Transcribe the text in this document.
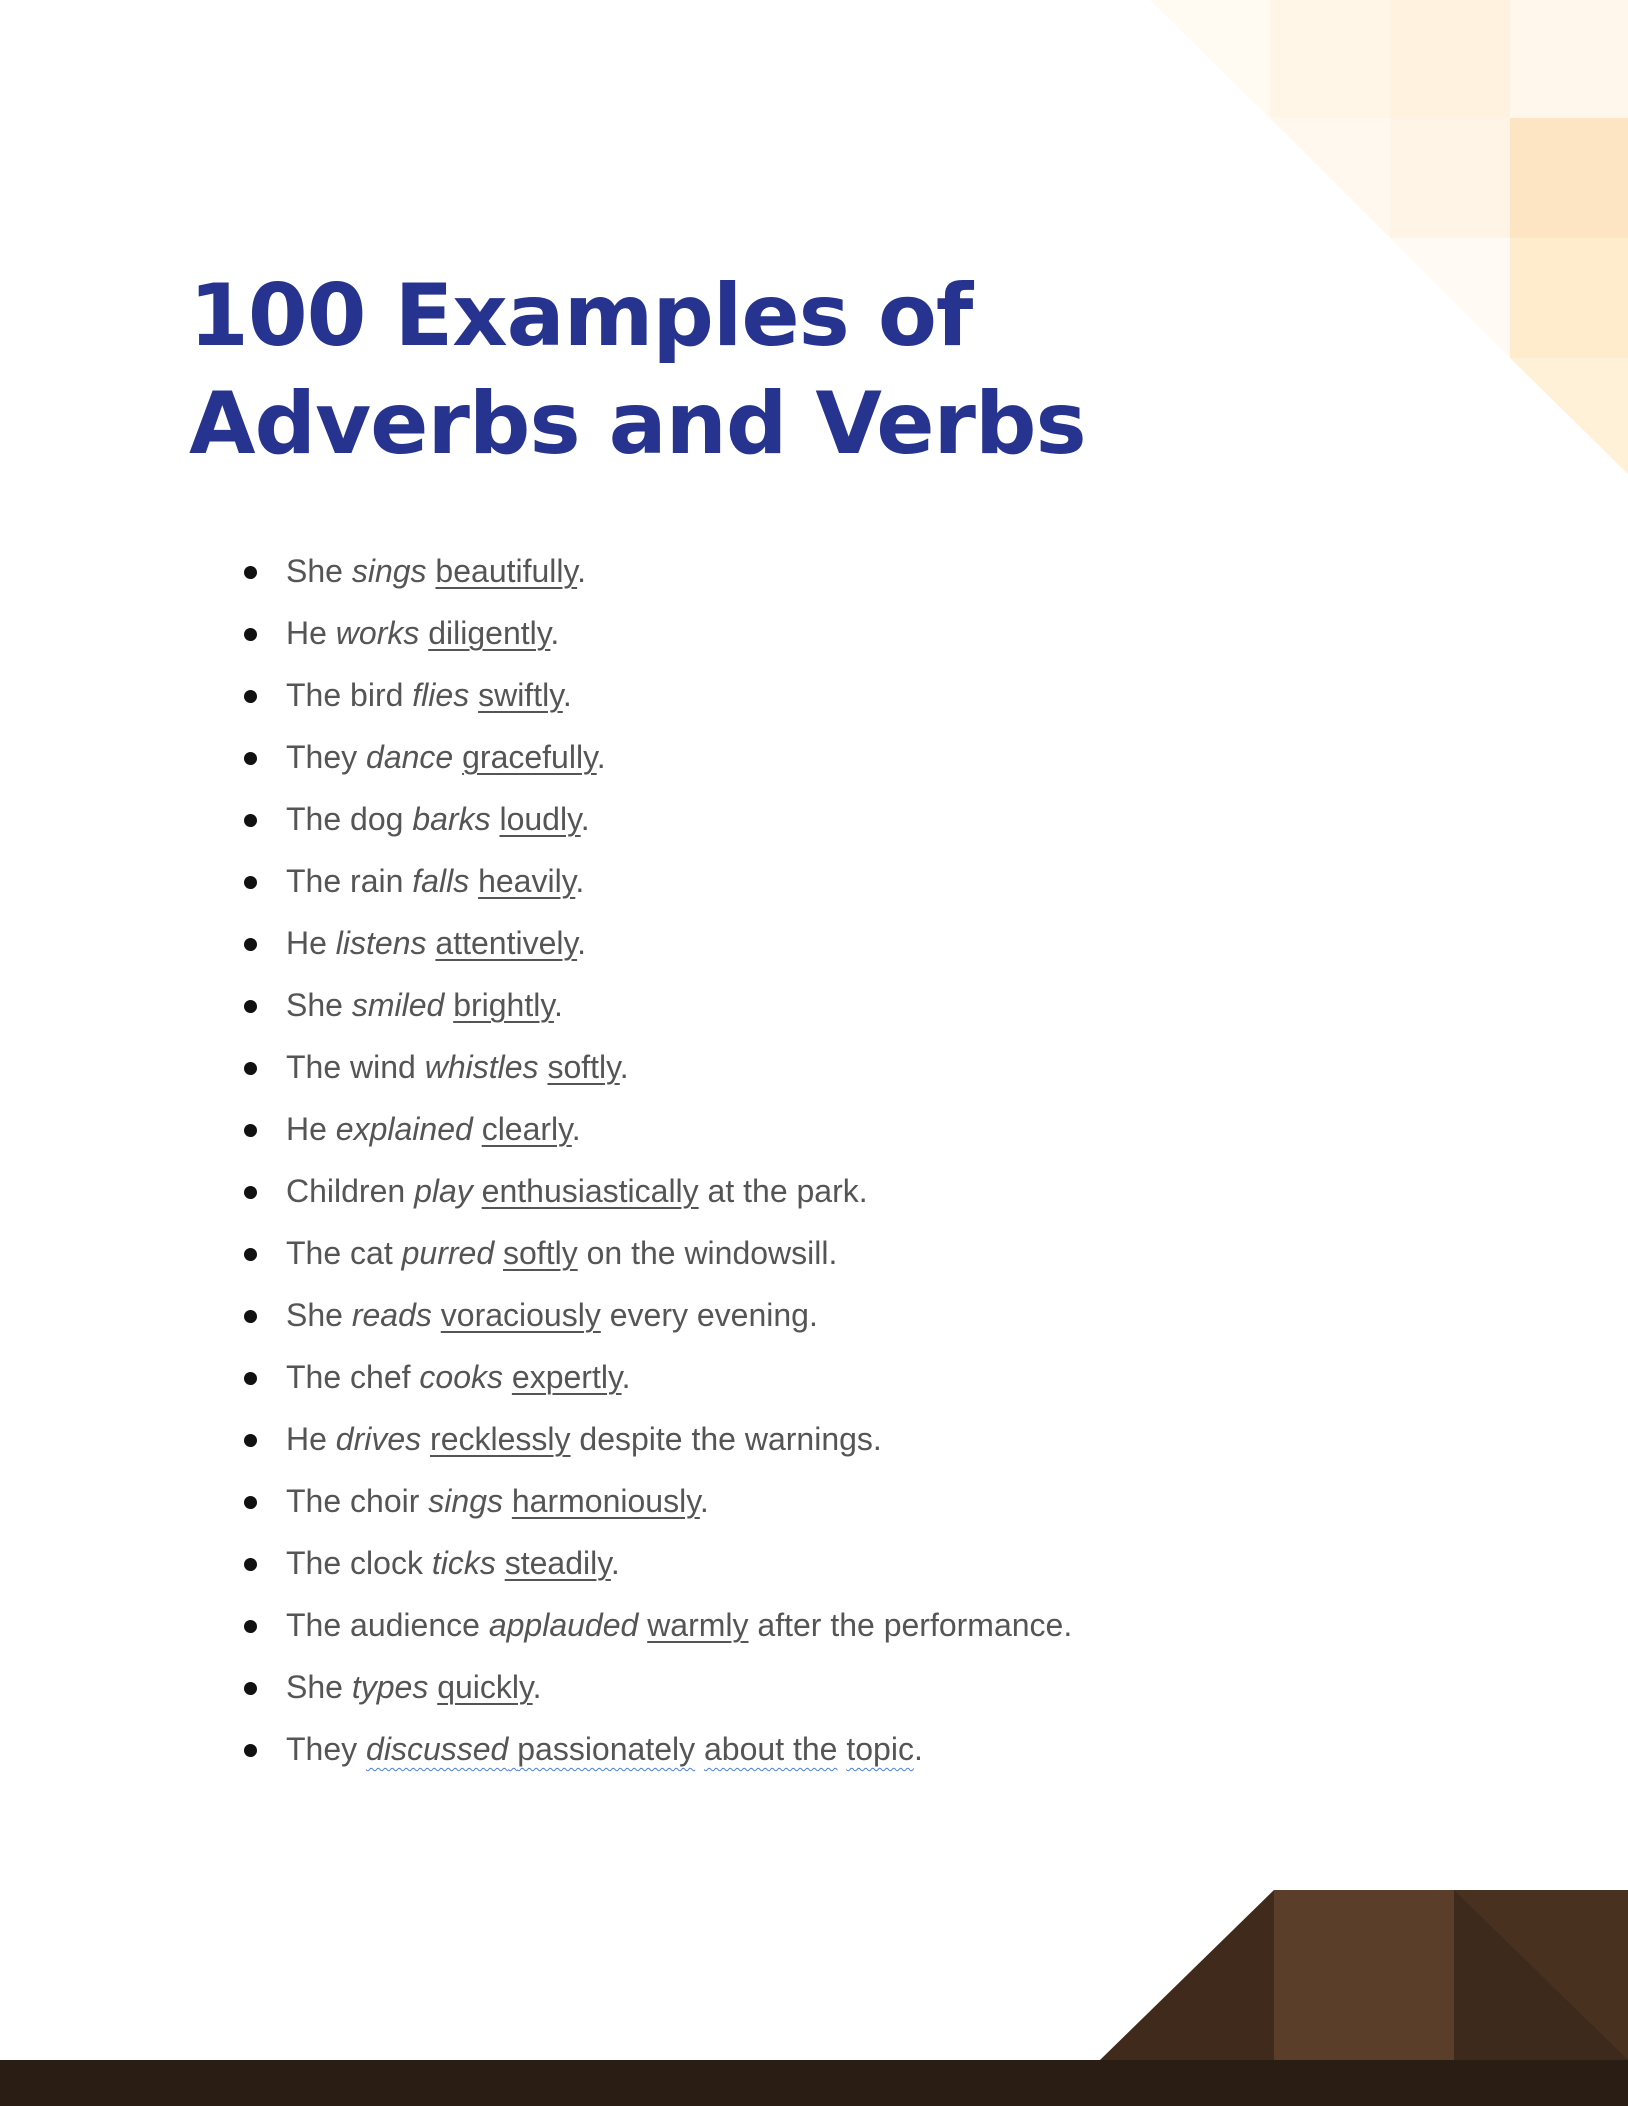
100 Examples of
Adverbs and Verbs
She sings beautifully.
He works diligently.
The bird flies swiftly.
They dance gracefully.
The dog barks loudly.
The rain falls heavily.
He listens attentively.
She smiled brightly.
The wind whistles softly.
He explained clearly.
Children play enthusiastically at the park.
The cat purred softly on the windowsill.
She reads voraciously every evening.
The chef cooks expertly.
He drives recklessly despite the warnings.
The choir sings harmoniously.
The clock ticks steadily.
The audience applauded warmly after the performance.
She types quickly.
They discussed passionately about the topic.
